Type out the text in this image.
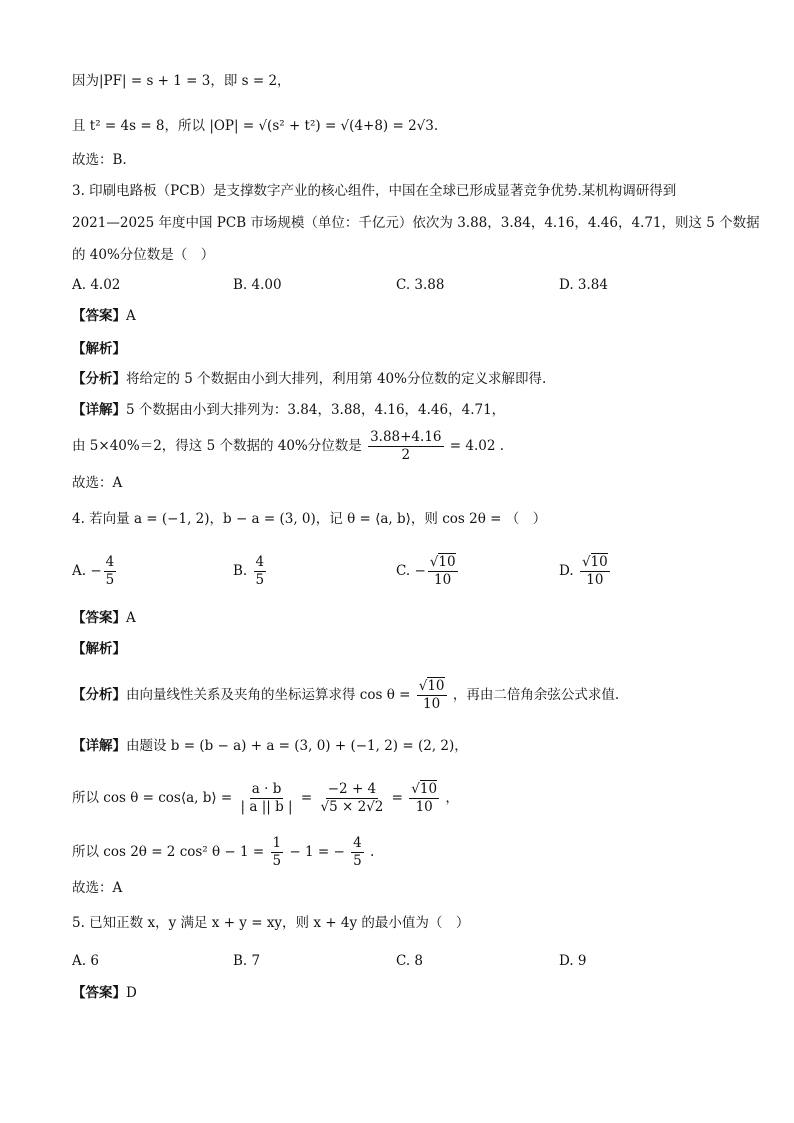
因为|PF| = s + 1 = 3，即 s = 2，
且 t² = 4s = 8，所以 |OP| = √(s² + t²) = √(4+8) = 2√3.
故选：B.
3. 印刷电路板（PCB）是支撑数字产业的核心组件，中国在全球已形成显著竞争优势.某机构调研得到
2021—2025 年度中国 PCB 市场规模（单位：千亿元）依次为 3.88，3.84，4.16，4.46，4.71，则这 5 个数据
的 40%分位数是（　）
A. 4.02	B. 4.00	C. 3.88	D. 3.84
【答案】A
【解析】
【分析】将给定的 5 个数据由小到大排列，利用第 40%分位数的定义求解即得.
【详解】5 个数据由小到大排列为：3.84，3.88，4.16，4.46，4.71，
由 5×40%＝2，得这 5 个数据的 40%分位数是 $\frac{3.88+4.16}{2} = 4.02$ .
故选：A
4. 若向量 a = (−1, 2)，b − a = (3, 0)，记 θ = ⟨a, b⟩，则 cos 2θ = （　）
A. − $\frac{4}{5}$	B. $\frac{4}{5}$	C. − $\frac{√10}{10}$	D. $\frac{√10}{10}$
【答案】A
【解析】
【分析】由向量线性关系及夹角的坐标运算求得 $\cos \theta = \frac{√10}{10}$ ，再由二倍角余弦公式求值.
【详解】由题设 b = (b − a) + a = (3, 0) + (−1, 2) = (2, 2)，
所以 cos θ = cos⟨a, b⟩ = $\frac{a \cdot b}{| a || b |} = \frac{-2 + 4}{√5 \times 2√2} = \frac{√10}{10}$ ，
所以 cos 2θ = 2 cos² $\theta - 1 = \frac{1}{5} - 1$ = − $\frac{4}{5}$ .
故选：A
5. 已知正数 x，y 满足 x + y = xy，则 x + 4y 的最小值为（　）
A. 6	B. 7	C. 8	D. 9
【答案】D
